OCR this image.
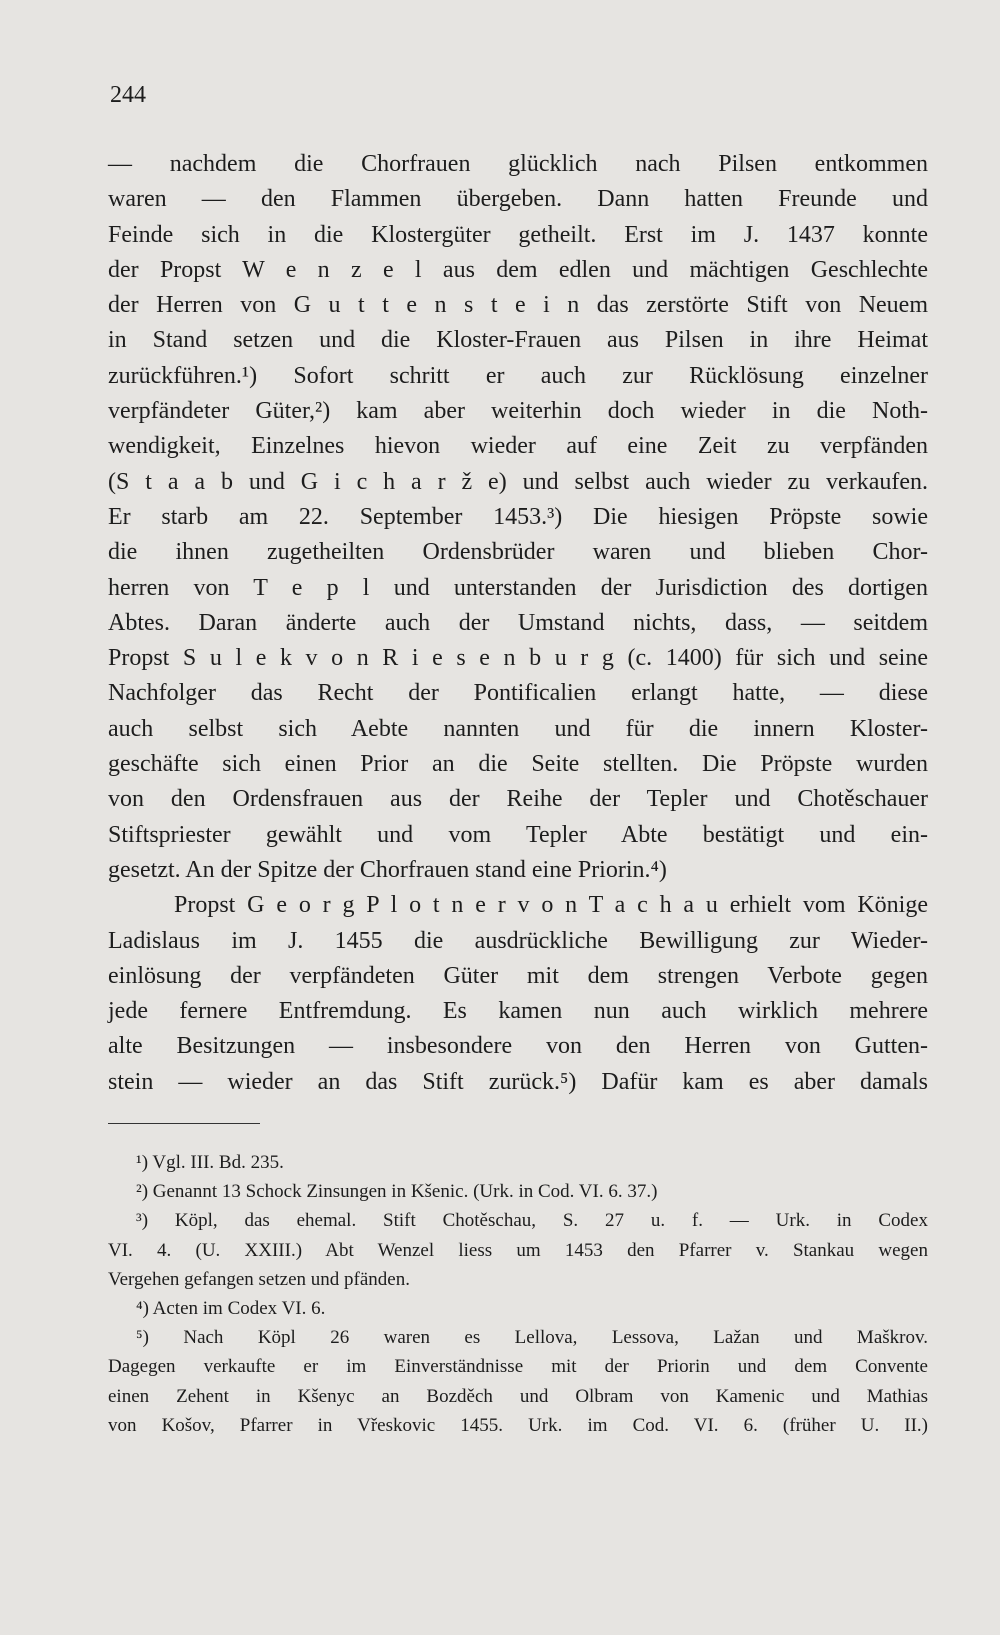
244
— nachdem die Chorfrauen glücklich nach Pilsen entkommen
waren — den Flammen übergeben. Dann hatten Freunde und
Feinde sich in die Klostergüter getheilt. Erst im J. 1437 konnte
der Propst W e n z e l aus dem edlen und mächtigen Geschlechte
der Herren von G u t t e n s t e i n das zerstörte Stift von Neuem
in Stand setzen und die Kloster-Frauen aus Pilsen in ihre Heimat
zurückführen.¹) Sofort schritt er auch zur Rücklösung einzelner
verpfändeter Güter,²) kam aber weiterhin doch wieder in die Noth-
wendigkeit, Einzelnes hievon wieder auf eine Zeit zu verpfänden
(S t a a b und G i c h a r ž e) und selbst auch wieder zu verkaufen.
Er starb am 22. September 1453.³) Die hiesigen Pröpste sowie
die ihnen zugetheilten Ordensbrüder waren und blieben Chor-
herren von T e p l und unterstanden der Jurisdiction des dortigen
Abtes. Daran änderte auch der Umstand nichts, dass, — seitdem
Propst S u l e k v o n R i e s e n b u r g (c. 1400) für sich und seine
Nachfolger das Recht der Pontificalien erlangt hatte, — diese
auch selbst sich Aebte nannten und für die innern Kloster-
geschäfte sich einen Prior an die Seite stellten. Die Pröpste wurden
von den Ordensfrauen aus der Reihe der Tepler und Chotěschauer
Stiftspriester gewählt und vom Tepler Abte bestätigt und ein-
gesetzt. An der Spitze der Chorfrauen stand eine Priorin.⁴)
Propst G e o r g P l o t n e r v o n T a c h a u erhielt vom Könige
Ladislaus im J. 1455 die ausdrückliche Bewilligung zur Wieder-
einlösung der verpfändeten Güter mit dem strengen Verbote gegen
jede fernere Entfremdung. Es kamen nun auch wirklich mehrere
alte Besitzungen — insbesondere von den Herren von Gutten-
stein — wieder an das Stift zurück.⁵) Dafür kam es aber damals
¹) Vgl. III. Bd. 235.
²) Genannt 13 Schock Zinsungen in Kšenic. (Urk. in Cod. VI. 6. 37.)
³) Köpl, das ehemal. Stift Chotěschau, S. 27 u. f. — Urk. in Codex
VI. 4. (U. XXIII.) Abt Wenzel liess um 1453 den Pfarrer v. Stankau wegen
Vergehen gefangen setzen und pfänden.
⁴) Acten im Codex VI. 6.
⁵) Nach Köpl 26 waren es Lellova, Lessova, Lažan und Maškrov.
Dagegen verkaufte er im Einverständnisse mit der Priorin und dem Convente
einen Zehent in Kšenyc an Bozděch und Olbram von Kamenic und Mathias
von Košov, Pfarrer in Vřeskovic 1455. Urk. im Cod. VI. 6. (früher U. II.)
